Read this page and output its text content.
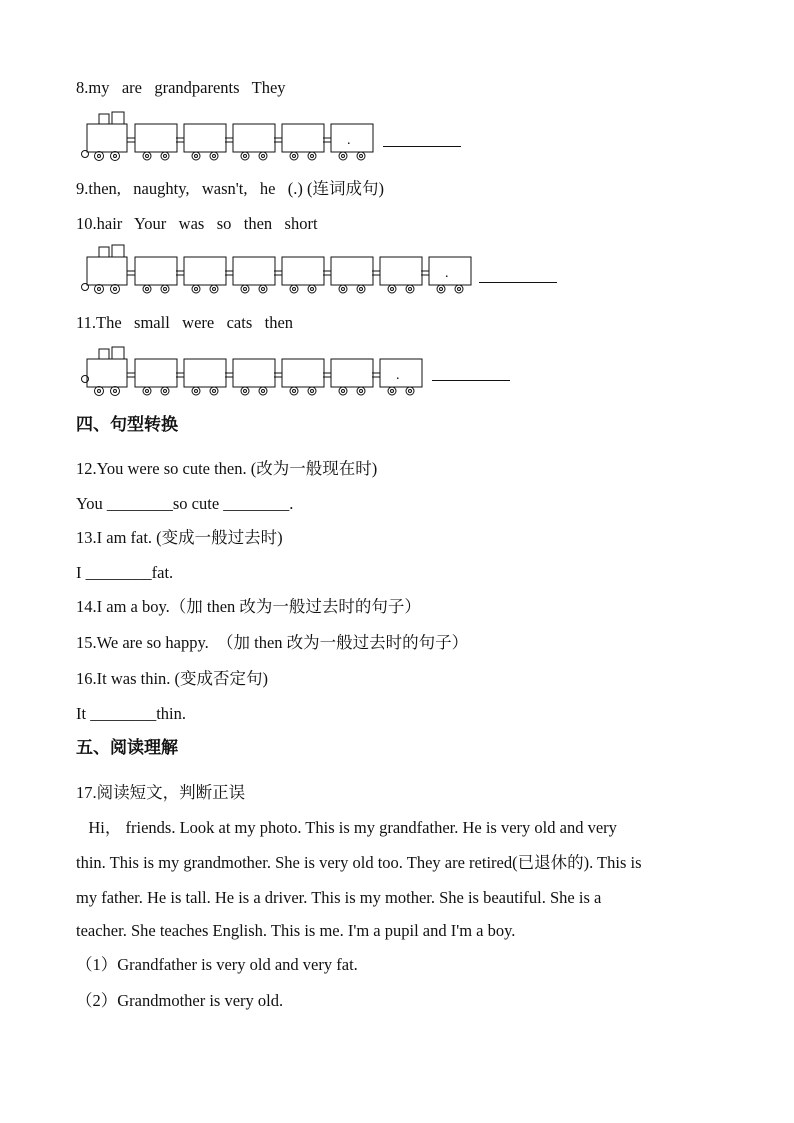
8.my   are   grandparents   They
.
9.then,   naughty,   wasn't,   he   (.) (连词成句)
10.hair   Your   was   so   then   short
.
11.The   small   were   cats   then
.
四、句型转换
12.You were so cute then. (改为一般现在时)
You ________so cute ________.
13.I am fat. (变成一般过去时)
I ________fat.
14.I am a boy.（加 then 改为一般过去时的句子）
15.We are so happy.  （加 then 改为一般过去时的句子）
16.It was thin. (变成否定句)
It ________thin.
五、阅读理解
17.阅读短文，判断正误
Hi， friends. Look at my photo. This is my grandfather. He is very old and very
thin. This is my grandmother. She is very old too. They are retired(已退休的). This is
my father. He is tall. He is a driver. This is my mother. She is beautiful. She is a
teacher. She teaches English. This is me. I'm a pupil and I'm a boy.
（1）Grandfather is very old and very fat.
（2）Grandmother is very old.
